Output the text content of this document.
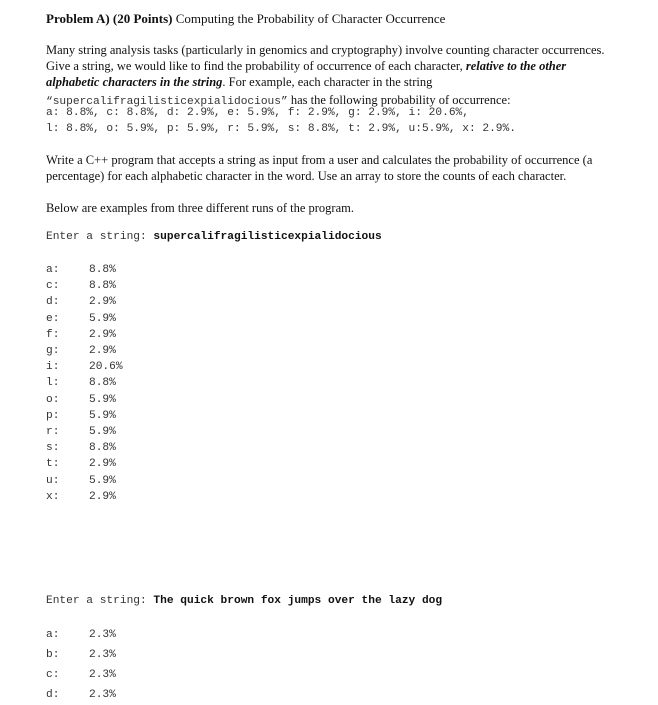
Problem A) (20 Points) Computing the Probability of Character Occurrence
Many string analysis tasks (particularly in genomics and cryptography) involve counting character occurrences.
Give a string, we would like to find the probability of occurrence of each character, relative to the other
alphabetic characters in the string. For example, each character in the string
“supercalifragilisticexpialidocious” has the following probability of occurrence:
a: 8.8%, c: 8.8%, d: 2.9%, e: 5.9%, f: 2.9%, g: 2.9%, i: 20.6%,
l: 8.8%, o: 5.9%, p: 5.9%, r: 5.9%, s: 8.8%, t: 2.9%, u:5.9%, x: 2.9%.
Write a C++ program that accepts a string as input from a user and calculates the probability of occurrence (a
percentage) for each alphabetic character in the word. Use an array to store the counts of each character.
Below are examples from three different runs of the program.
Enter a string: supercalifragilisticexpialidocious
a:	8.8%
c:	8.8%
d:	2.9%
e:	5.9%
f:	2.9%
g:	2.9%
i:	20.6%
l:	8.8%
o:	5.9%
p:	5.9%
r:	5.9%
s:	8.8%
t:	2.9%
u:	5.9%
x:	2.9%
Enter a string: The quick brown fox jumps over the lazy dog
a:	2.3%
b:	2.3%
c:	2.3%
d:	2.3%
